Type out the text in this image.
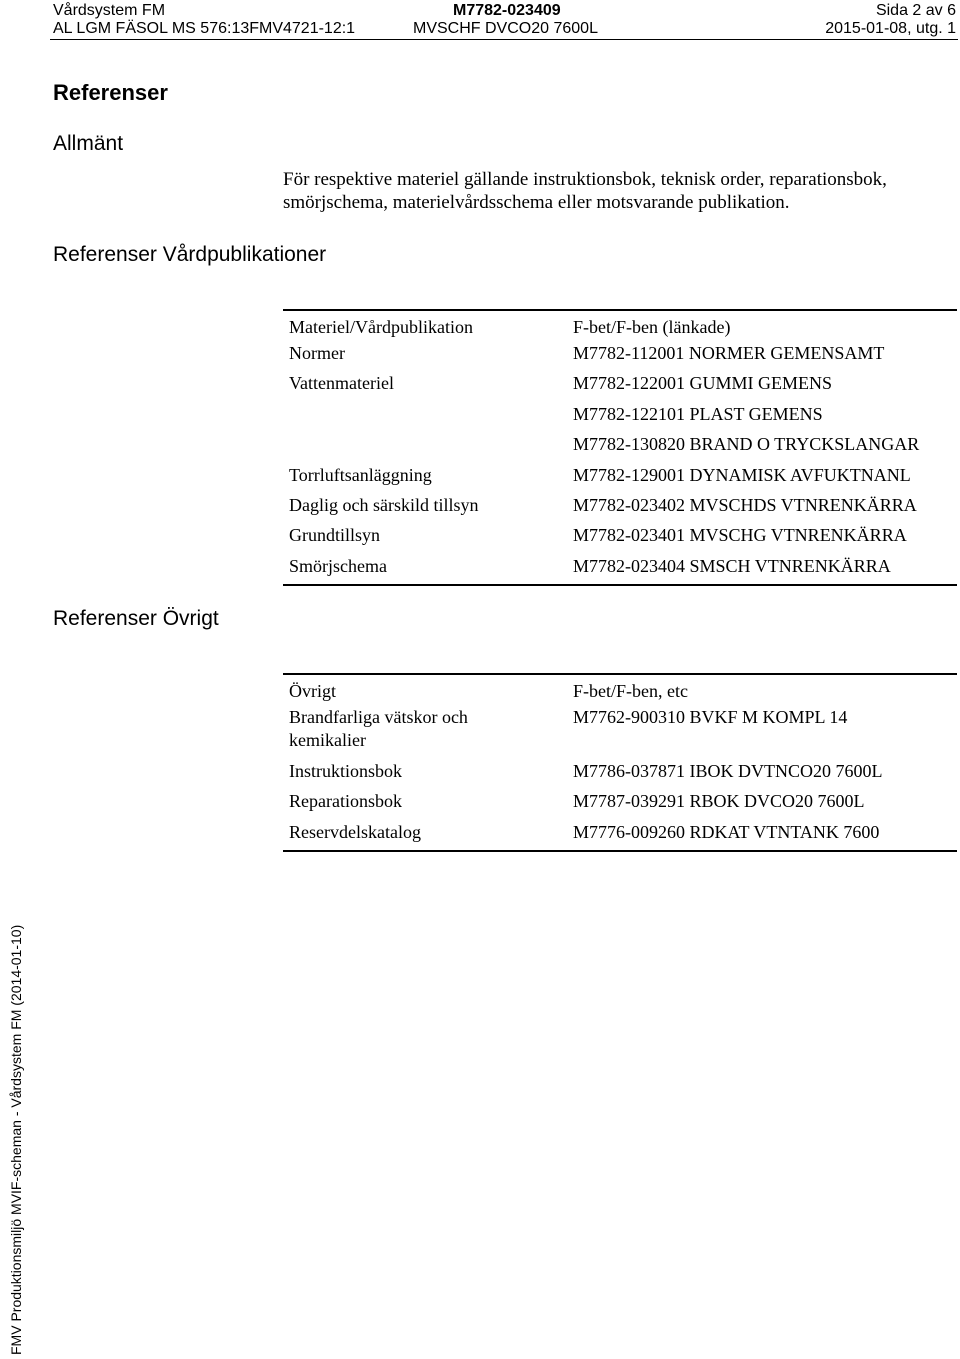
Vårdsystem FM
AL LGM FÄSOL MS 576:13FMV4721-12:1
M7782-023409
MVSCHF DVCO20 7600L
Sida 2 av 6
2015-01-08, utg. 1
Referenser
Allmänt
För respektive materiel gällande instruktionsbok, teknisk order, reparationsbok, smörjschema, materielvårdsschema eller motsvarande publikation.
Referenser Vårdpublikationer
Materiel/Vårdpublikation	F-bet/F-ben (länkade)
Normer	M7782-112001 NORMER GEMENSAMT
Vattenmateriel	M7782-122001 GUMMI GEMENS
M7782-122101 PLAST GEMENS
M7782-130820 BRAND O TRYCKSLANGAR
Torrluftsanläggning	M7782-129001 DYNAMISK AVFUKTNANL
Daglig och särskild tillsyn	M7782-023402 MVSCHDS VTNRENKÄRRA
Grundtillsyn	M7782-023401 MVSCHG VTNRENKÄRRA
Smörjschema	M7782-023404 SMSCH VTNRENKÄRRA
Referenser Övrigt
Övrigt	F-bet/F-ben, etc
Brandfarliga vätskor och kemikalier
M7762-900310 BVKF M KOMPL 14
Instruktionsbok	M7786-037871 IBOK DVTNCO20 7600L
Reparationsbok	M7787-039291 RBOK DVCO20 7600L
Reservdelskatalog	M7776-009260 RDKAT VTNTANK 7600
FMV Produktionsmiljö MVIF-scheman - Vårdsystem FM (2014-01-10)
